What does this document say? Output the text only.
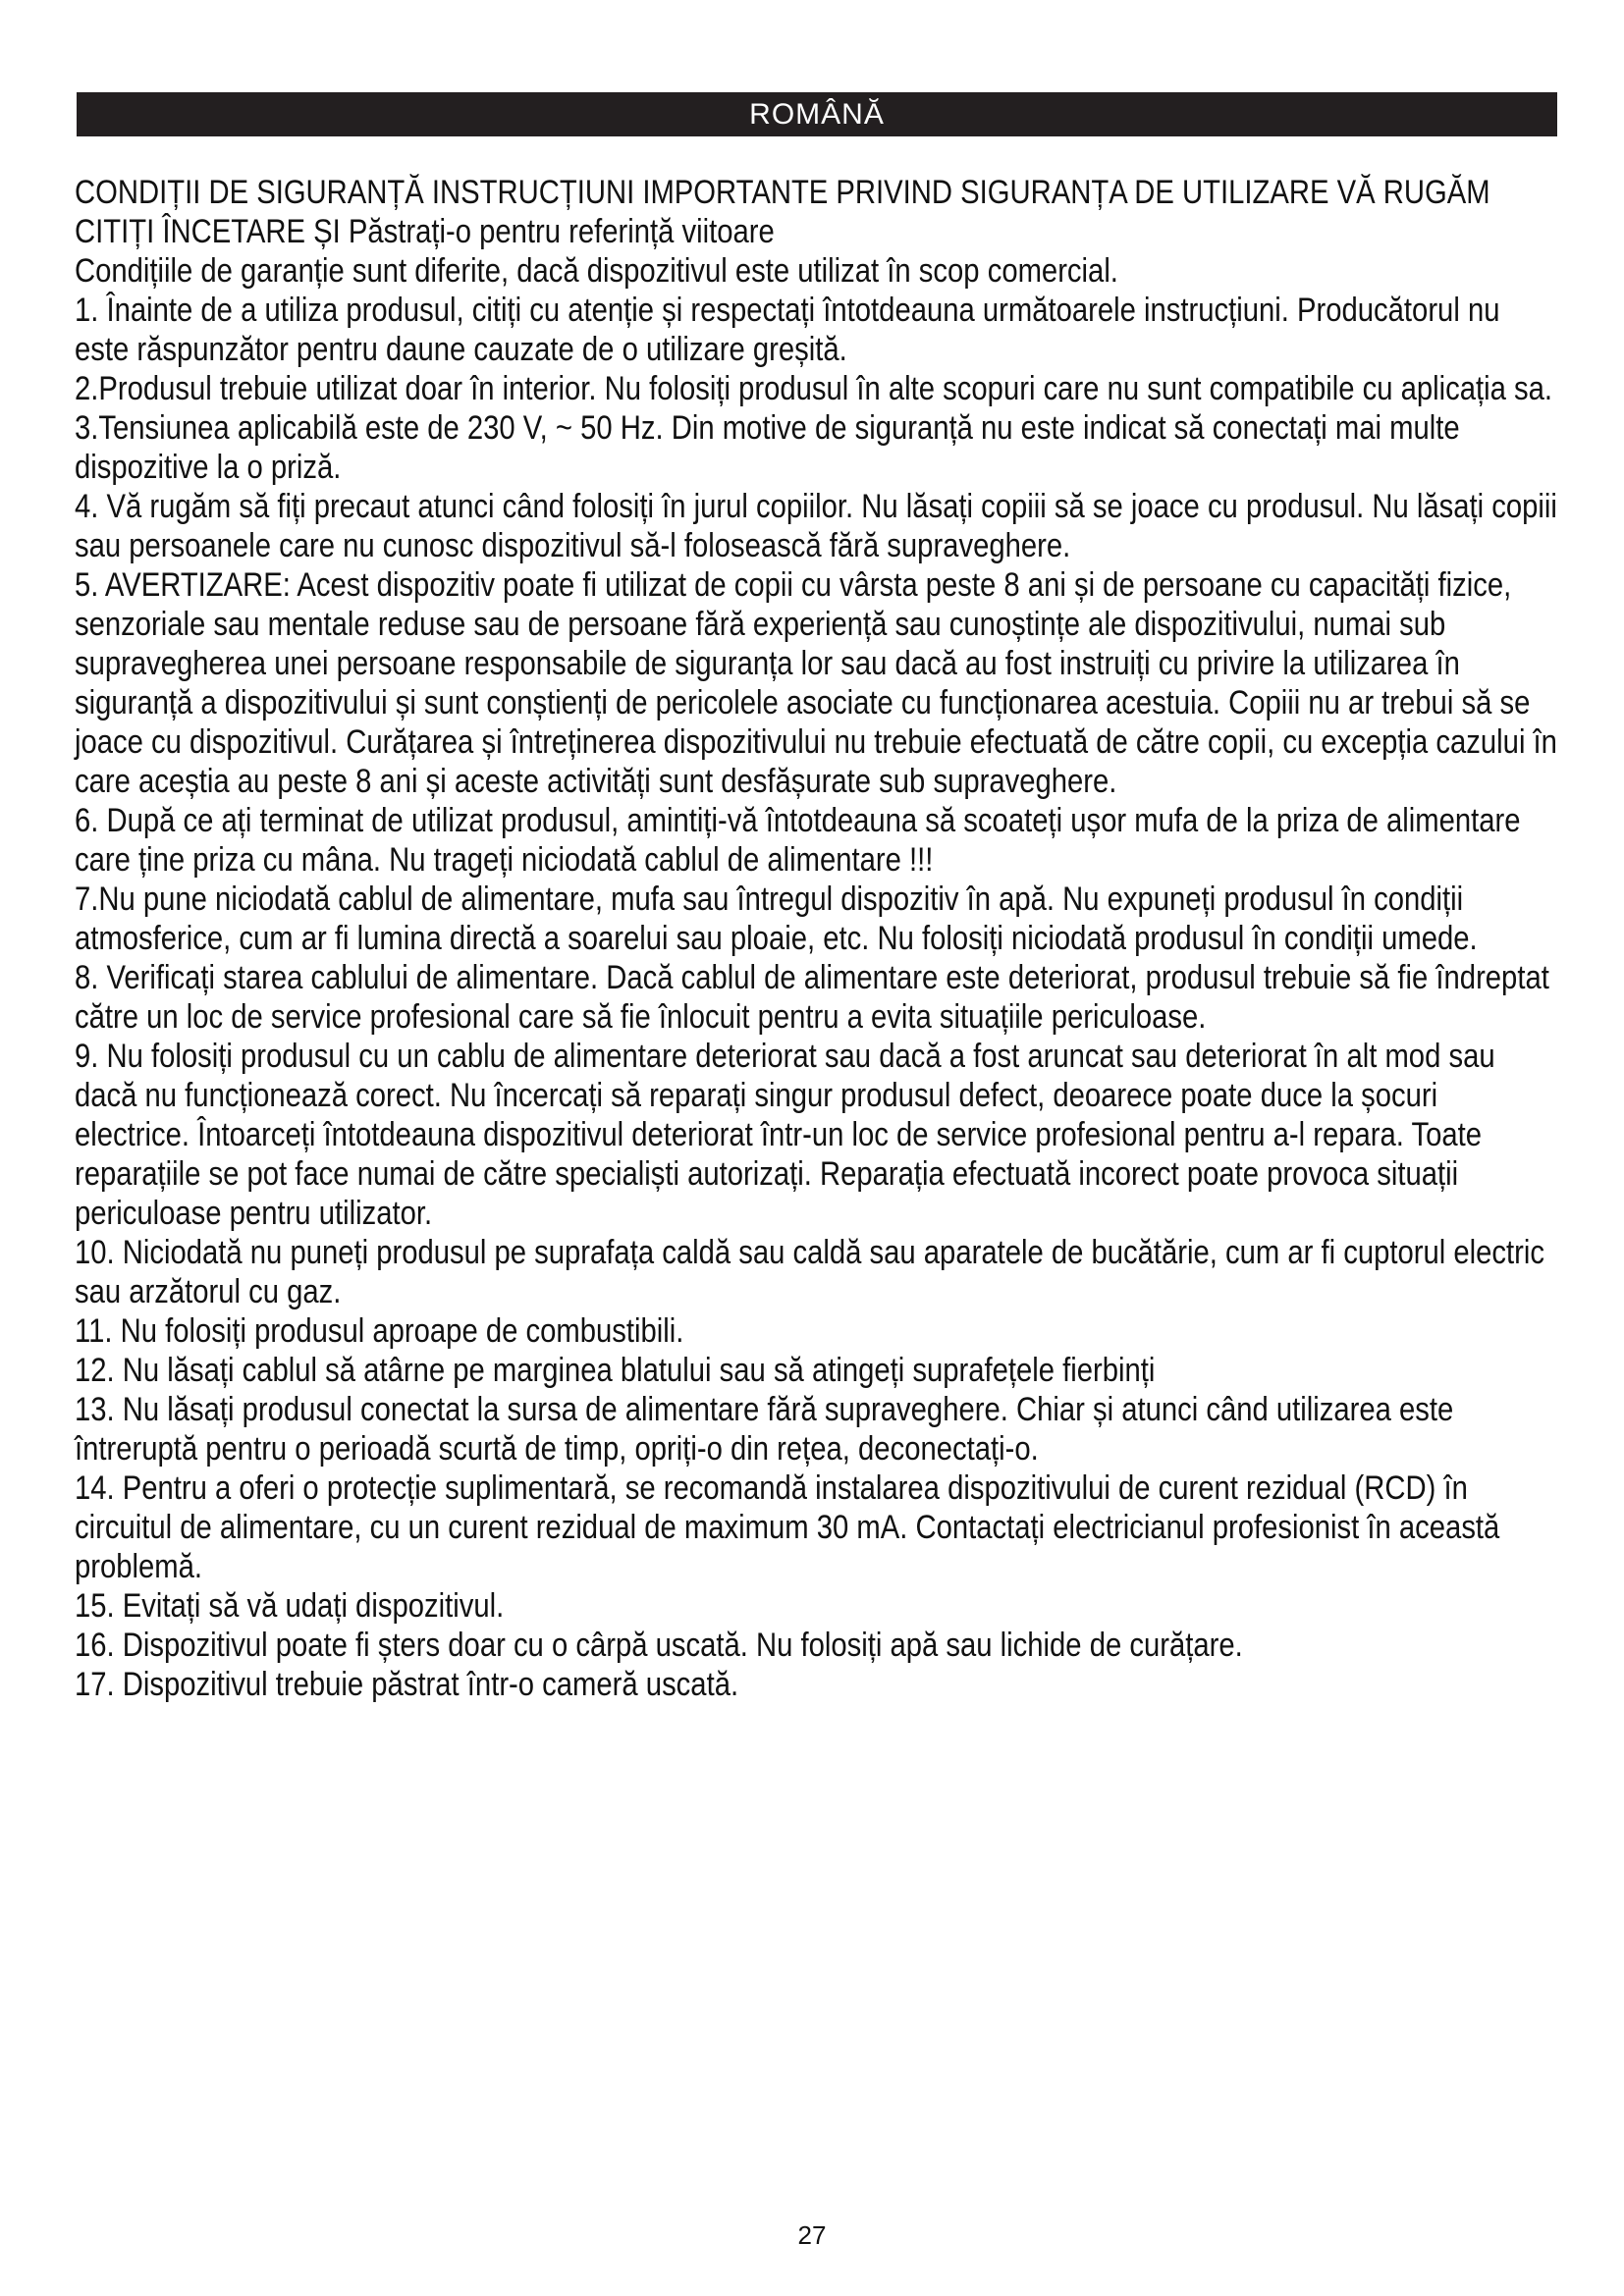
ROMÂNĂ

CONDIȚII DE SIGURANȚĂ INSTRUCȚIUNI IMPORTANTE PRIVIND SIGURANȚA DE UTILIZARE VĂ RUGĂM CITIȚI ÎNCETARE ȘI Păstrați-o pentru referință viitoare

Condițiile de garanție sunt diferite, dacă dispozitivul este utilizat în scop comercial.

1. Înainte de a utiliza produsul, citiți cu atenție și respectați întotdeauna următoarele instrucțiuni. Producătorul nu este răspunzător pentru daune cauzate de o utilizare greșită.

2.Produsul trebuie utilizat doar în interior. Nu folosiți produsul în alte scopuri care nu sunt compatibile cu aplicația sa.

3.Tensiunea aplicabilă este de 230 V, ~ 50 Hz. Din motive de siguranță nu este indicat să conectați mai multe dispozitive la o priză.

4. Vă rugăm să fiți precaut atunci când folosiți în jurul copiilor. Nu lăsați copiii să se joace cu produsul. Nu lăsați copiii sau persoanele care nu cunosc dispozitivul să-l folosească fără supraveghere.

5. AVERTIZARE: Acest dispozitiv poate fi utilizat de copii cu vârsta peste 8 ani și de persoane cu capacități fizice, senzoriale sau mentale reduse sau de persoane fără experiență sau cunoștințe ale dispozitivului, numai sub supravegherea unei persoane responsabile de siguranța lor sau dacă au fost instruiți cu privire la utilizarea în siguranță a dispozitivului și sunt conștienți de pericolele asociate cu funcționarea acestuia. Copiii nu ar trebui să se joace cu dispozitivul. Curățarea și întreținerea dispozitivului nu trebuie efectuată de către copii, cu excepția cazului în care aceștia au peste 8 ani și aceste activități sunt desfășurate sub supraveghere.

6. După ce ați terminat de utilizat produsul, amintiți-vă întotdeauna să scoateți ușor mufa de la priza de alimentare care ține priza cu mâna. Nu trageți niciodată cablul de alimentare !!!

7.Nu pune niciodată cablul de alimentare, mufa sau întregul dispozitiv în apă. Nu expuneți produsul în condiții atmosferice, cum ar fi lumina directă a soarelui sau ploaie, etc. Nu folosiți niciodată produsul în condiții umede.

8. Verificați starea cablului de alimentare. Dacă cablul de alimentare este deteriorat, produsul trebuie să fie îndreptat către un loc de service profesional care să fie înlocuit pentru a evita situațiile periculoase.

9. Nu folosiți produsul cu un cablu de alimentare deteriorat sau dacă a fost aruncat sau deteriorat în alt mod sau dacă nu funcționează corect. Nu încercați să reparați singur produsul defect, deoarece poate duce la șocuri electrice. Întoarceți întotdeauna dispozitivul deteriorat într-un loc de service profesional pentru a-l repara. Toate reparațiile se pot face numai de către specialiști autorizați. Reparația efectuată incorect poate provoca situații periculoase pentru utilizator.

10. Niciodată nu puneți produsul pe suprafața caldă sau caldă sau aparatele de bucătărie, cum ar fi cuptorul electric sau arzătorul cu gaz.

11. Nu folosiți produsul aproape de combustibili.

12. Nu lăsați cablul să atârne pe marginea blatului sau să atingeți suprafețele fierbinți

13. Nu lăsați produsul conectat la sursa de alimentare fără supraveghere. Chiar și atunci când utilizarea este întreruptă pentru o perioadă scurtă de timp, opriți-o din rețea, deconectați-o.

14. Pentru a oferi o protecție suplimentară, se recomandă instalarea dispozitivului de curent rezidual (RCD) în circuitul de alimentare, cu un curent rezidual de maximum 30 mA. Contactați electricianul profesionist în această problemă.

15. Evitați să vă udați dispozitivul.

16. Dispozitivul poate fi șters doar cu o cârpă uscată. Nu folosiți apă sau lichide de curățare.

17. Dispozitivul trebuie păstrat într-o cameră uscată.

27
